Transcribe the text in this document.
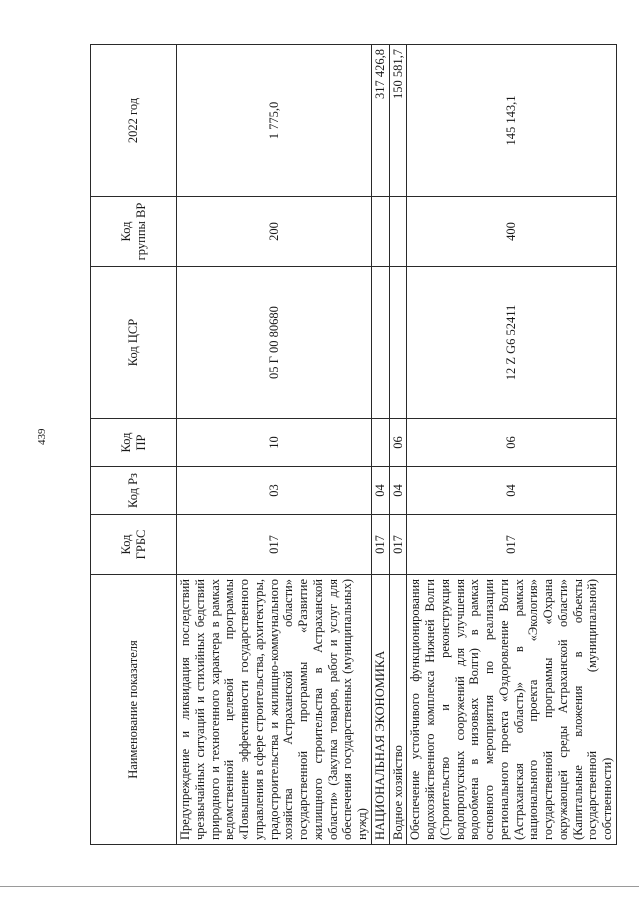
439
Наименование показателя	Код ГРБС	Код Рз	Код ПР	Код ЦСР	Код группы ВР	2022 год
Предупреждение и ликвидация последствий чрезвычайных ситуаций и стихийных бедствий природного и техногенного характера в рамках ведомственной целевой программы «Повышение эффективности государственного управления в сфере строительства, архитектуры, градостроительства и жилищно-коммунального хозяйства Астраханской области» государственной программы «Развитие жилищного строительства в Астраханской области» (Закупка товаров, работ и услуг для обеспечения государственных (муниципальных) нужд)	017	03	10	05 Г 00 80680	200	1 775,0
НАЦИОНАЛЬНАЯ ЭКОНОМИКА	017	04				317 426,8
Водное хозяйство	017	04	06			150 581,7
Обеспечение устойчивого функционирования водохозяйственного комплекса Нижней Волги (Строительство и реконструкция водопропускных сооружений для улучшения водообмена в низовьях Волги) в рамках основного мероприятия по реализации регионального проекта «Оздоровление Волги (Астраханская область)» в рамках национального проекта «Экология» государственной программы «Охрана окружающей среды Астраханской области» (Капитальные вложения в объекты государственной (муниципальной) собственности)	017	04	06	12 Z G6 52411	400	145 143,1
